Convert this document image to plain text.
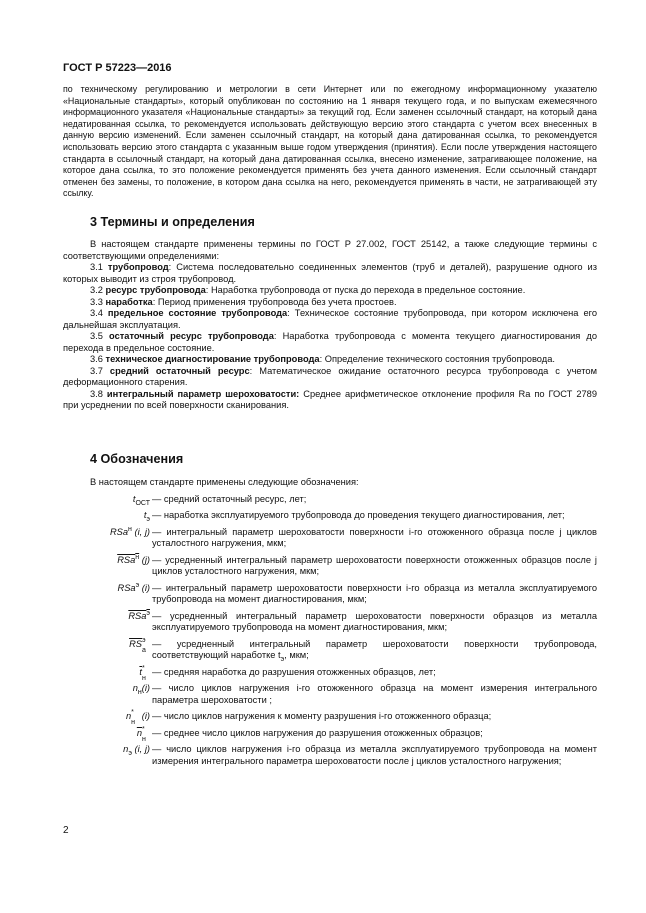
ГОСТ Р 57223—2016

по техническому регулированию и метрологии в сети Интернет или по ежегодному информационному указателю «Национальные стандарты», который опубликован по состоянию на 1 января текущего года, и по выпускам ежемесячного информационного указателя «Национальные стандарты» за текущий год. Если заменен ссылочный стандарт, на который дана недатированная ссылка, то рекомендуется использовать действующую версию этого стандарта с учетом всех внесенных в данную версию изменений. Если заменен ссылочный стандарт, на который дана датированная ссылка, то рекомендуется использовать версию этого стандарта с указанным выше годом утверждения (принятия). Если после утверждения настоящего стандарта в ссылочный стандарт, на который дана датированная ссылка, внесено изменение, затрагивающее положение, на которое дана ссылка, то это положение рекомендуется применять без учета данного изменения. Если ссылочный стандарт отменен без замены, то положение, в котором дана ссылка на него, рекомендуется применять в части, не затрагивающей эту ссылку.

3 Термины и определения

В настоящем стандарте применены термины по ГОСТ Р 27.002, ГОСТ 25142, а также следующие термины с соответствующими определениями:

3.1 трубопровод: Система последовательно соединенных элементов (труб и деталей), разрушение одного из которых выводит из строя трубопровод.

3.2 ресурс трубопровода: Наработка трубопровода от пуска до перехода в предельное состояние.

3.3 наработка: Период применения трубопровода без учета простоев.

3.4 предельное состояние трубопровода: Техническое состояние трубопровода, при котором исключена его дальнейшая эксплуатация.

3.5 остаточный ресурс трубопровода: Наработка трубопровода с момента текущего диагностирования до перехода в предельное состояние.

3.6 техническое диагностирование трубопровода: Определение технического состояния трубопровода.

3.7 средний остаточный ресурс: Математическое ожидание остаточного ресурса трубопровода с учетом деформационного старения.

3.8 интегральный параметр шероховатости: Среднее арифметическое отклонение профиля Ra по ГОСТ 2789 при усреднении по всей поверхности сканирования.

4 Обозначения

В настоящем стандарте применены следующие обозначения:

$t_{ОСТ}$ — средний остаточный ресурс, лет;
$t_э$ — наработка эксплуатируемого трубопровода до проведения текущего диагностирования, лет;
RSa$^н$ (i, j) — интегральный параметр шероховатости поверхности i-го отожженного образца после j циклов усталостного нагружения, мкм;
RSa$^н$ (j) — усредненный интегральный параметр шероховатости поверхности отожженных образцов после j циклов усталостного нагружения, мкм;
RSa$^э$ (i) — интегральный параметр шероховатости поверхности i-го образца из металла эксплуатируемого трубопровода на момент диагностирования, мкм;
RSa$^э$ — усредненный интегральный параметр шероховатости поверхности образцов из металла эксплуатируемого трубопровода на момент диагностирования, мкм;
RS э
а
— усредненный интегральный параметр шероховатости поверхности трубопровода, соответствующий наработке $t_э$, мкм;
t *
н
— средняя наработка до разрушения отожженных образцов, лет;
$n_н(i)$ — число циклов нагружения i-го отожженного образца на момент измерения интегрального параметра шероховатости ;
n *
н
(i) — число циклов нагружения к моменту разрушения i-го отожженного образца;
n *
н
— среднее число циклов нагружения до разрушения отожженных образцов;
$n_э$ (i, j) — число циклов нагружения i-го образца из металла эксплуатируемого трубопровода на момент измерения интегрального параметра шероховатости после j циклов усталостного нагружения;
2
